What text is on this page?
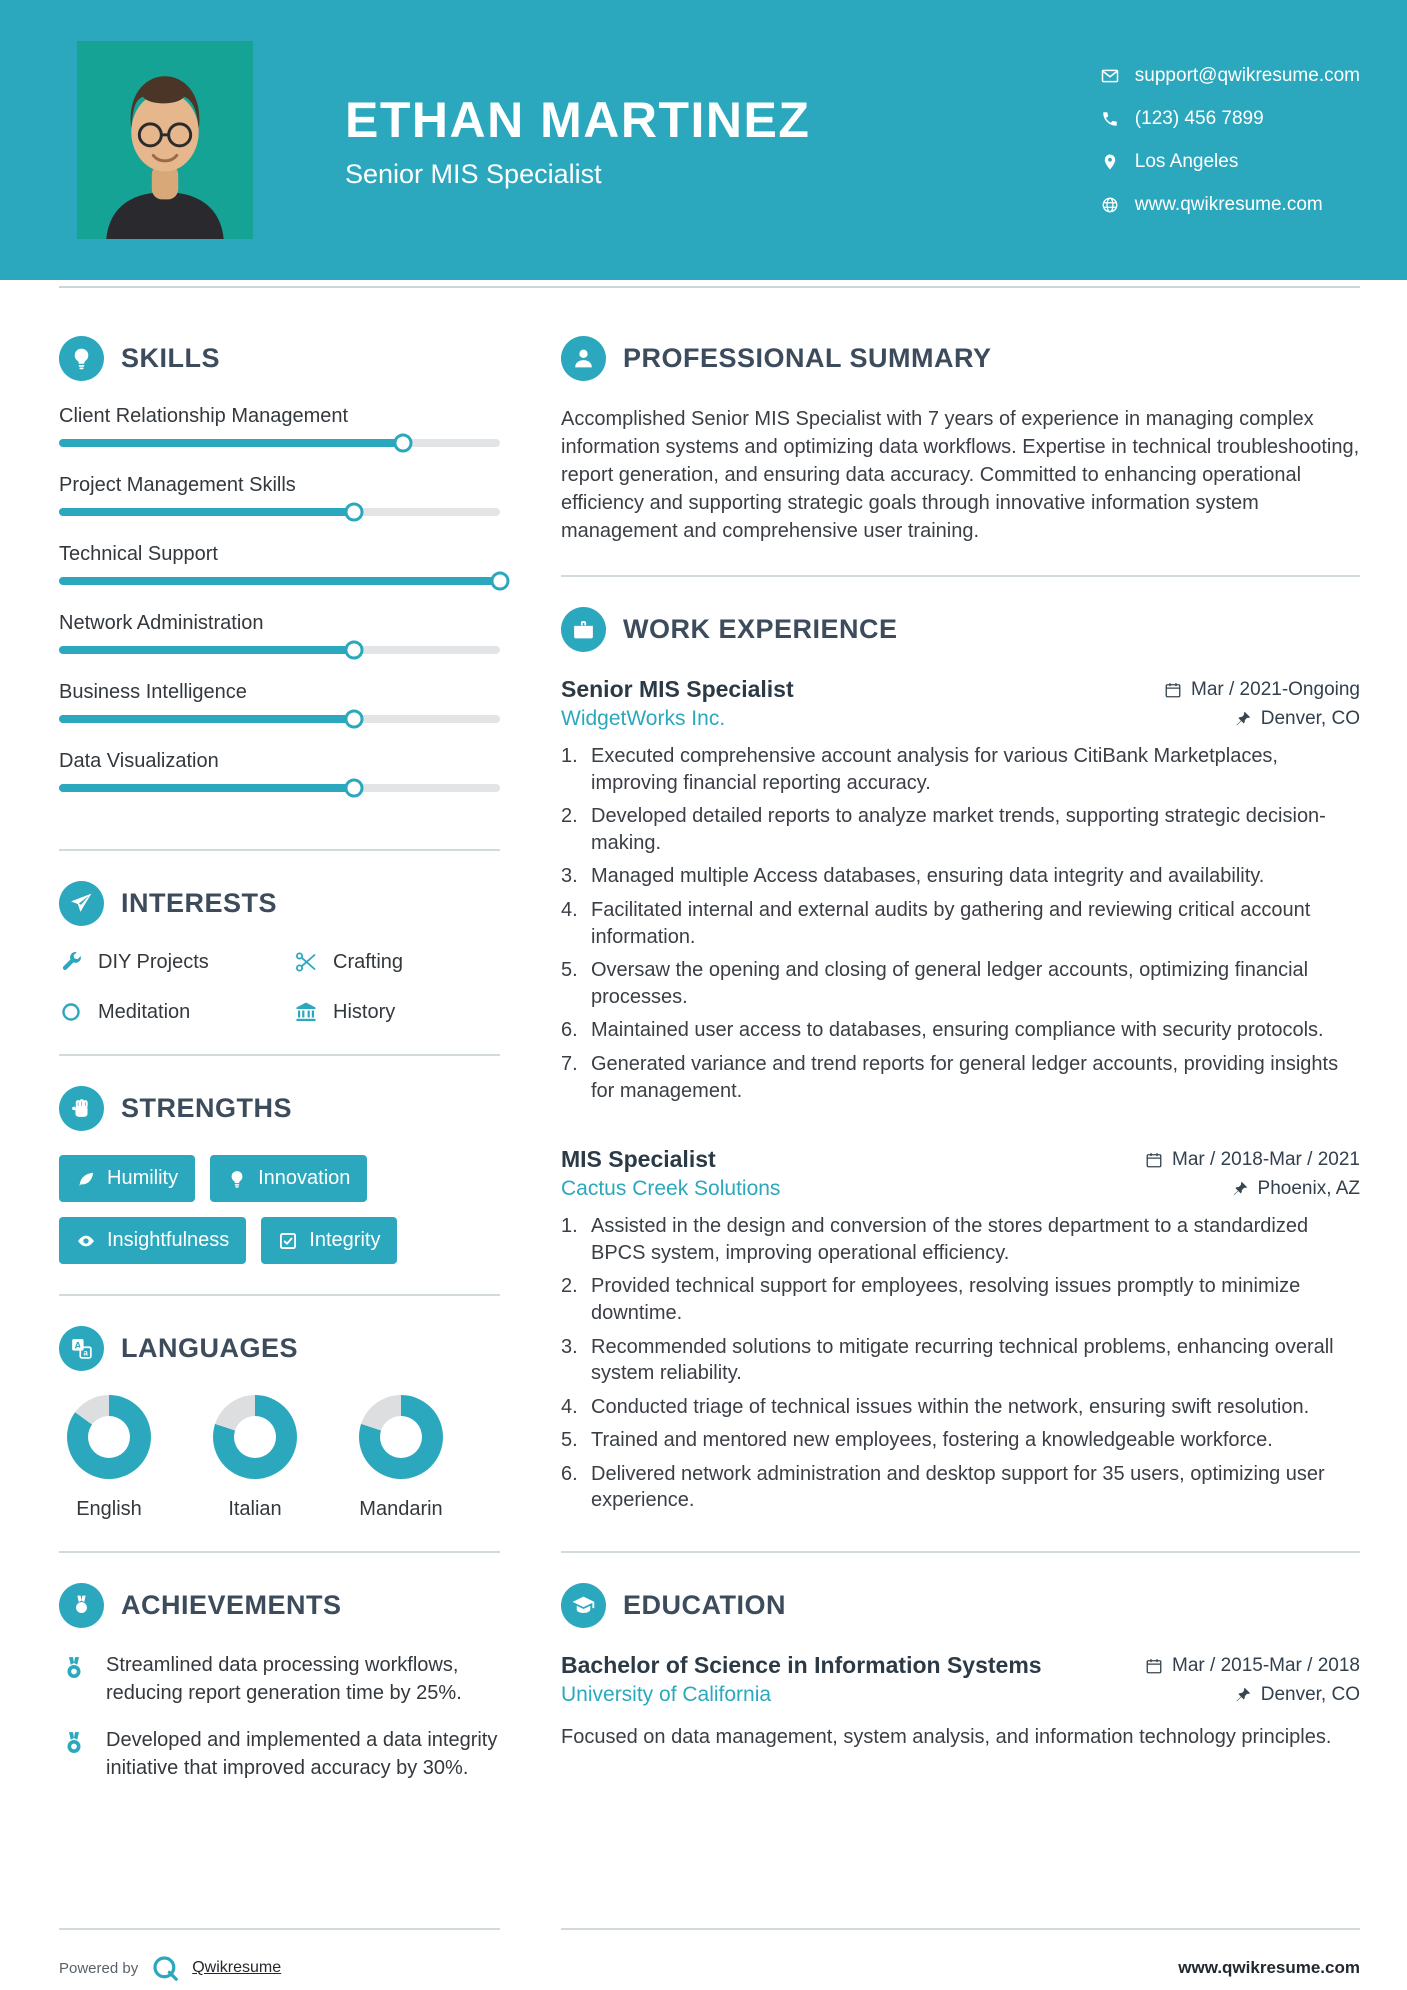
ETHAN MARTINEZ
Senior MIS Specialist
support@qwikresume.com
(123) 456 7899
Los Angeles
www.qwikresume.com
SKILLS
Client Relationship Management
Project Management Skills
Technical Support
Network Administration
Business Intelligence
Data Visualization
INTERESTS
DIY Projects	Crafting
Meditation	History
STRENGTHS
Humility	Innovation
Insightfulness	Integrity
A
a LANGUAGES
English	Italian	Mandarin
ACHIEVEMENTS
Streamlined data processing workflows, reducing report generation time by 25%.
Developed and implemented a data integrity initiative that improved accuracy by 30%.
PROFESSIONAL SUMMARY

Accomplished Senior MIS Specialist with 7 years of experience in managing complex information systems and optimizing data workflows. Expertise in technical troubleshooting, report generation, and ensuring data accuracy. Committed to enhancing operational efficiency and supporting strategic goals through innovative information system management and comprehensive user training.

WORK EXPERIENCE
Senior MIS Specialist	Mar / 2021-Ongoing
WidgetWorks Inc.	Denver, CO
1. Executed comprehensive account analysis for various CitiBank Marketplaces, improving financial reporting accuracy.
2. Developed detailed reports to analyze market trends, supporting strategic decision-making.
3. Managed multiple Access databases, ensuring data integrity and availability.
4. Facilitated internal and external audits by gathering and reviewing critical account information.
5. Oversaw the opening and closing of general ledger accounts, optimizing financial processes.
6. Maintained user access to databases, ensuring compliance with security protocols.
7. Generated variance and trend reports for general ledger accounts, providing insights for management.
MIS Specialist	Mar / 2018-Mar / 2021
Cactus Creek Solutions	Phoenix, AZ
1. Assisted in the design and conversion of the stores department to a standardized BPCS system, improving operational efficiency.
2. Provided technical support for employees, resolving issues promptly to minimize downtime.
3. Recommended solutions to mitigate recurring technical problems, enhancing overall system reliability.
4. Conducted triage of technical issues within the network, ensuring swift resolution.
5. Trained and mentored new employees, fostering a knowledgeable workforce.
6. Delivered network administration and desktop support for 35 users, optimizing user experience.
EDUCATION
Bachelor of Science in Information Systems	Mar / 2015-Mar / 2018
University of California	Denver, CO

Focused on data management, system analysis, and information technology principles.

Powered by	Qwikresume	www.qwikresume.com
